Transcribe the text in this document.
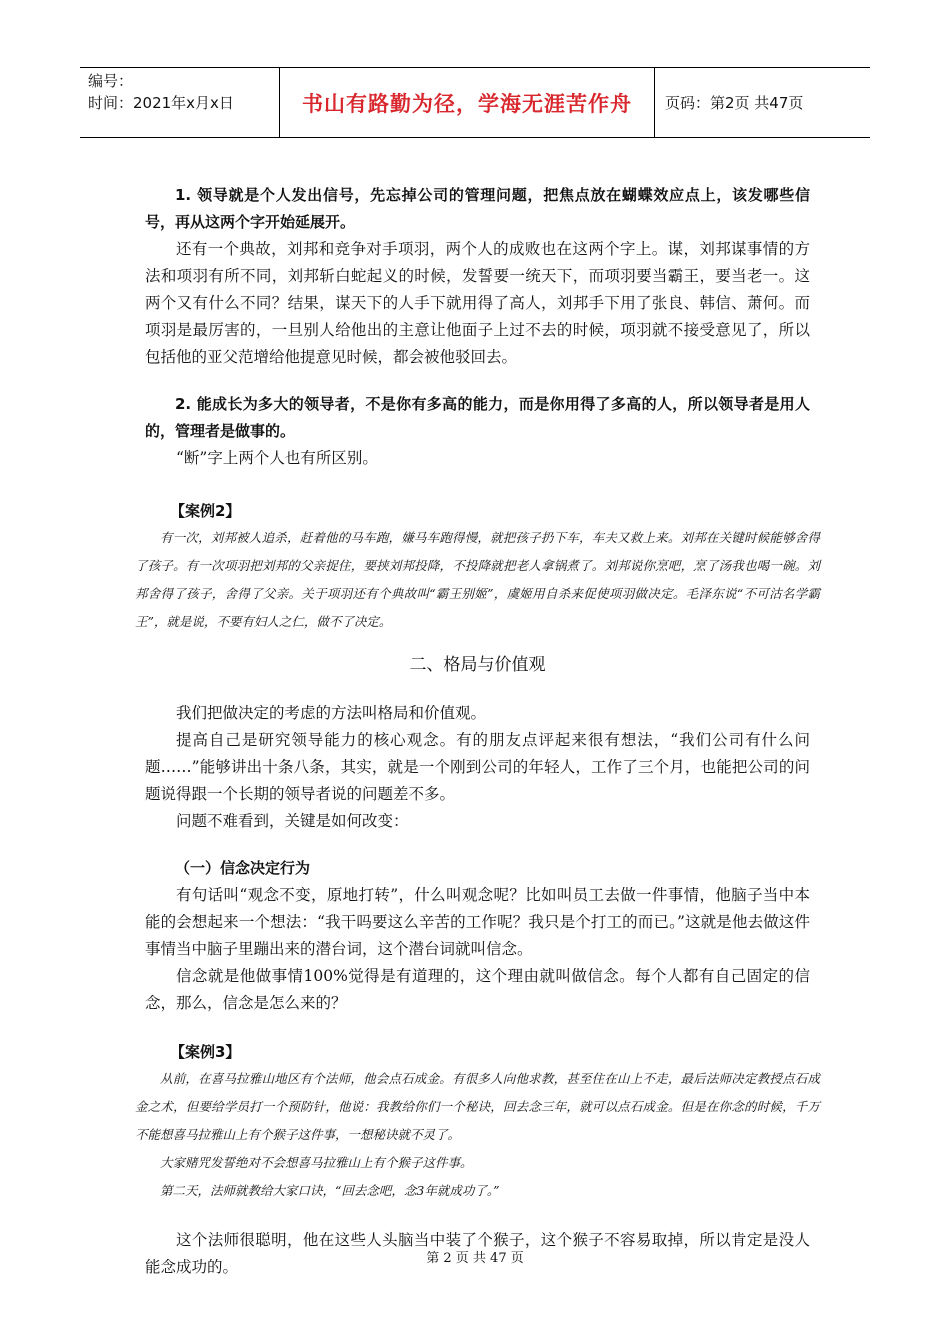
编号：
时间：2021年x月x日	书山有路勤为径，学海无涯苦作舟	页码：第2页 共47页

1. 领导就是个人发出信号，先忘掉公司的管理问题，把焦点放在蝴蝶效应点上，该发哪些信号，再从这两个字开始延展开。

还有一个典故，刘邦和竞争对手项羽，两个人的成败也在这两个字上。谋，刘邦谋事情的方法和项羽有所不同，刘邦斩白蛇起义的时候，发誓要一统天下，而项羽要当霸王，要当老一。这两个又有什么不同？结果，谋天下的人手下就用得了高人，刘邦手下用了张良、韩信、萧何。而项羽是最厉害的，一旦别人给他出的主意让他面子上过不去的时候，项羽就不接受意见了，所以包括他的亚父范增给他提意见时候，都会被他驳回去。

2. 能成长为多大的领导者，不是你有多高的能力，而是你用得了多高的人，所以领导者是用人的，管理者是做事的。

“断”字上两个人也有所区别。

【案例2】

有一次，刘邦被人追杀，赶着他的马车跑，嫌马车跑得慢，就把孩子扔下车，车夫又救上来。刘邦在关键时候能够舍得了孩子。有一次项羽把刘邦的父亲捉住，要挟刘邦投降，不投降就把老人拿锅煮了。刘邦说你烹吧，烹了汤我也喝一碗。刘邦舍得了孩子，舍得了父亲。关于项羽还有个典故叫“霸王别姬”，虞姬用自杀来促使项羽做决定。毛泽东说“不可沽名学霸王”，就是说，不要有妇人之仁，做不了决定。

二、格局与价值观

我们把做决定的考虑的方法叫格局和价值观。

提高自己是研究领导能力的核心观念。有的朋友点评起来很有想法，“我们公司有什么问题……”能够讲出十条八条，其实，就是一个刚到公司的年轻人，工作了三个月，也能把公司的问题说得跟一个长期的领导者说的问题差不多。

问题不难看到，关键是如何改变：

（一）信念决定行为

有句话叫“观念不变，原地打转”，什么叫观念呢？比如叫员工去做一件事情，他脑子当中本能的会想起来一个想法：“我干吗要这么辛苦的工作呢？我只是个打工的而已。”这就是他去做这件事情当中脑子里蹦出来的潜台词，这个潜台词就叫信念。

信念就是他做事情100%觉得是有道理的，这个理由就叫做信念。每个人都有自己固定的信念，那么，信念是怎么来的？

【案例3】

从前，在喜马拉雅山地区有个法师，他会点石成金。有很多人向他求教，甚至住在山上不走，最后法师决定教授点石成金之术，但要给学员打一个预防针，他说：我教给你们一个秘诀，回去念三年，就可以点石成金。但是在你念的时候，千万不能想喜马拉雅山上有个猴子这件事，一想秘诀就不灵了。

大家赌咒发誓绝对不会想喜马拉雅山上有个猴子这件事。

第二天，法师就教给大家口诀，“回去念吧，念3年就成功了。”

这个法师很聪明，他在这些人头脑当中装了个猴子，这个猴子不容易取掉，所以肯定是没人能念成功的。	第 2 页 共 47 页
